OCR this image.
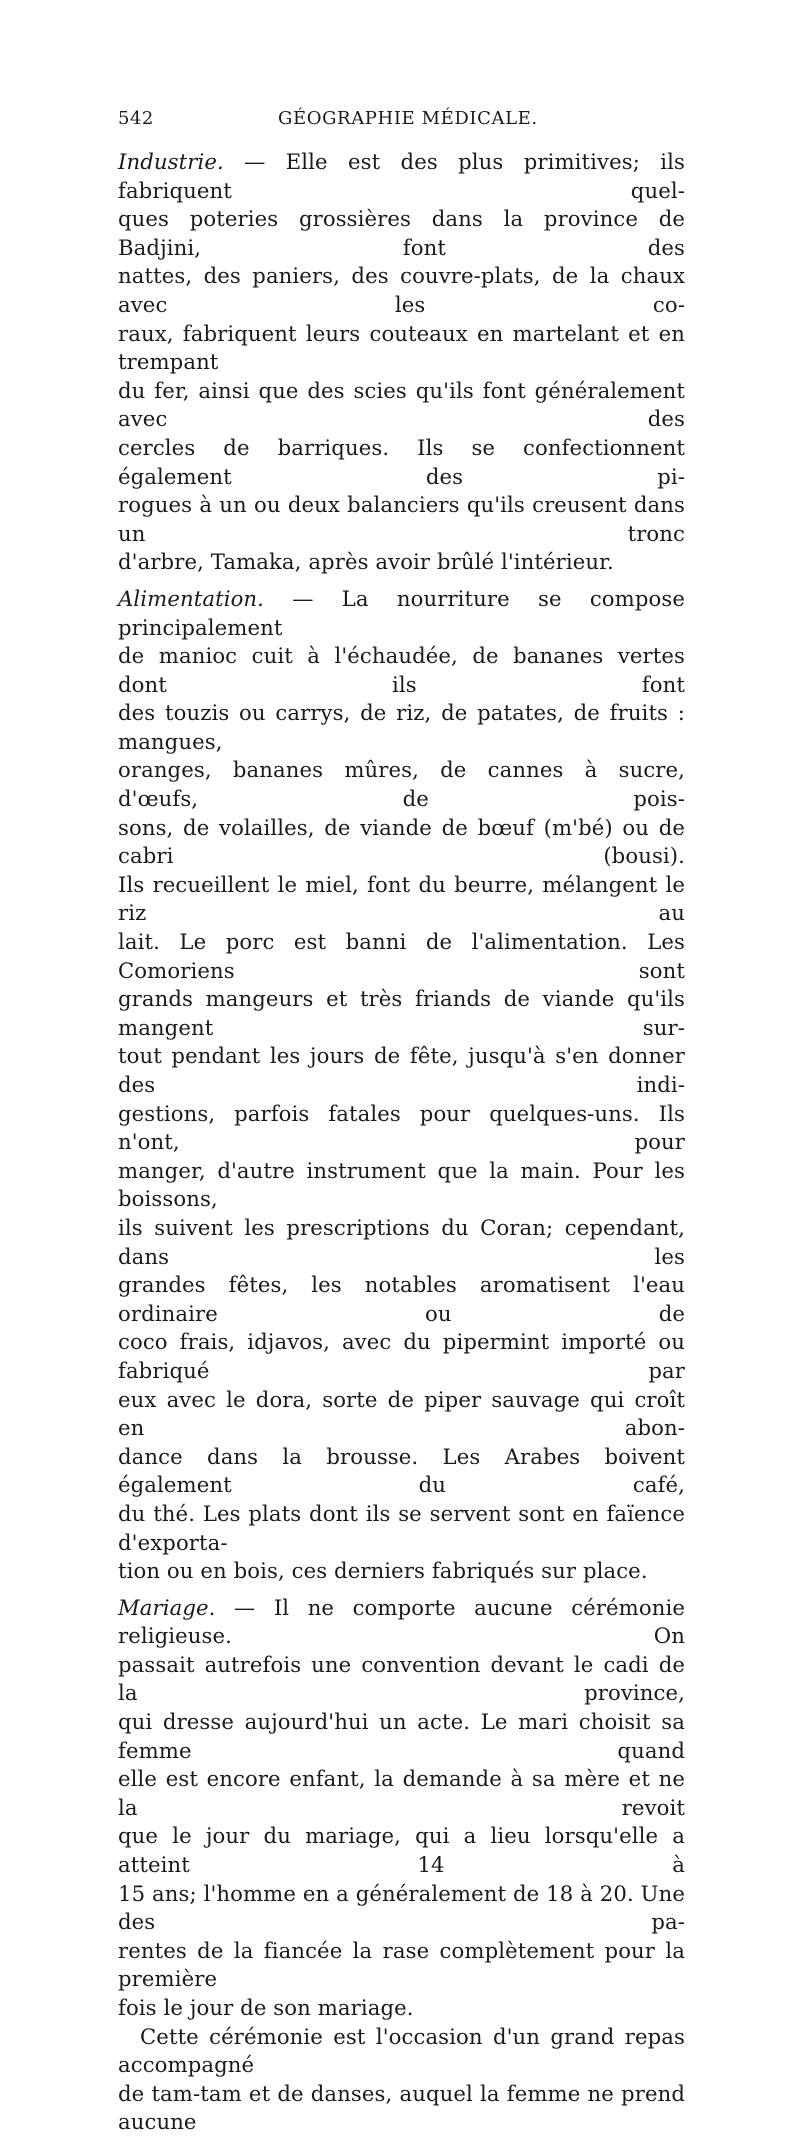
542	GÉOGRAPHIE MÉDICALE.
Industrie. — Elle est des plus primitives; ils fabriquent quel-
ques poteries grossières dans la province de Badjini, font des
nattes, des paniers, des couvre-plats, de la chaux avec les co-
raux, fabriquent leurs couteaux en martelant et en trempant
du fer, ainsi que des scies qu'ils font généralement avec des
cercles de barriques. Ils se confectionnent également des pi-
rogues à un ou deux balanciers qu'ils creusent dans un tronc
d'arbre, Tamaka, après avoir brûlé l'intérieur.
Alimentation. — La nourriture se compose principalement
de manioc cuit à l'échaudée, de bananes vertes dont ils font
des touzis ou carrys, de riz, de patates, de fruits : mangues,
oranges, bananes mûres, de cannes à sucre, d'œufs, de pois-
sons, de volailles, de viande de bœuf (m'bé) ou de cabri (bousi).
Ils recueillent le miel, font du beurre, mélangent le riz au
lait. Le porc est banni de l'alimentation. Les Comoriens sont
grands mangeurs et très friands de viande qu'ils mangent sur-
tout pendant les jours de fête, jusqu'à s'en donner des indi-
gestions, parfois fatales pour quelques-uns. Ils n'ont, pour
manger, d'autre instrument que la main. Pour les boissons,
ils suivent les prescriptions du Coran; cependant, dans les
grandes fêtes, les notables aromatisent l'eau ordinaire ou de
coco frais, idjavos, avec du pipermint importé ou fabriqué par
eux avec le dora, sorte de piper sauvage qui croît en abon-
dance dans la brousse. Les Arabes boivent également du café,
du thé. Les plats dont ils se servent sont en faïence d'exporta-
tion ou en bois, ces derniers fabriqués sur place.
Mariage. — Il ne comporte aucune cérémonie religieuse. On
passait autrefois une convention devant le cadi de la province,
qui dresse aujourd'hui un acte. Le mari choisit sa femme quand
elle est encore enfant, la demande à sa mère et ne la revoit
que le jour du mariage, qui a lieu lorsqu'elle a atteint 14 à
15 ans; l'homme en a généralement de 18 à 20. Une des pa-
rentes de la fiancée la rase complètement pour la première
fois le jour de son mariage.
Cette cérémonie est l'occasion d'un grand repas accompagné
de tam-tam et de danses, auquel la femme ne prend aucune
